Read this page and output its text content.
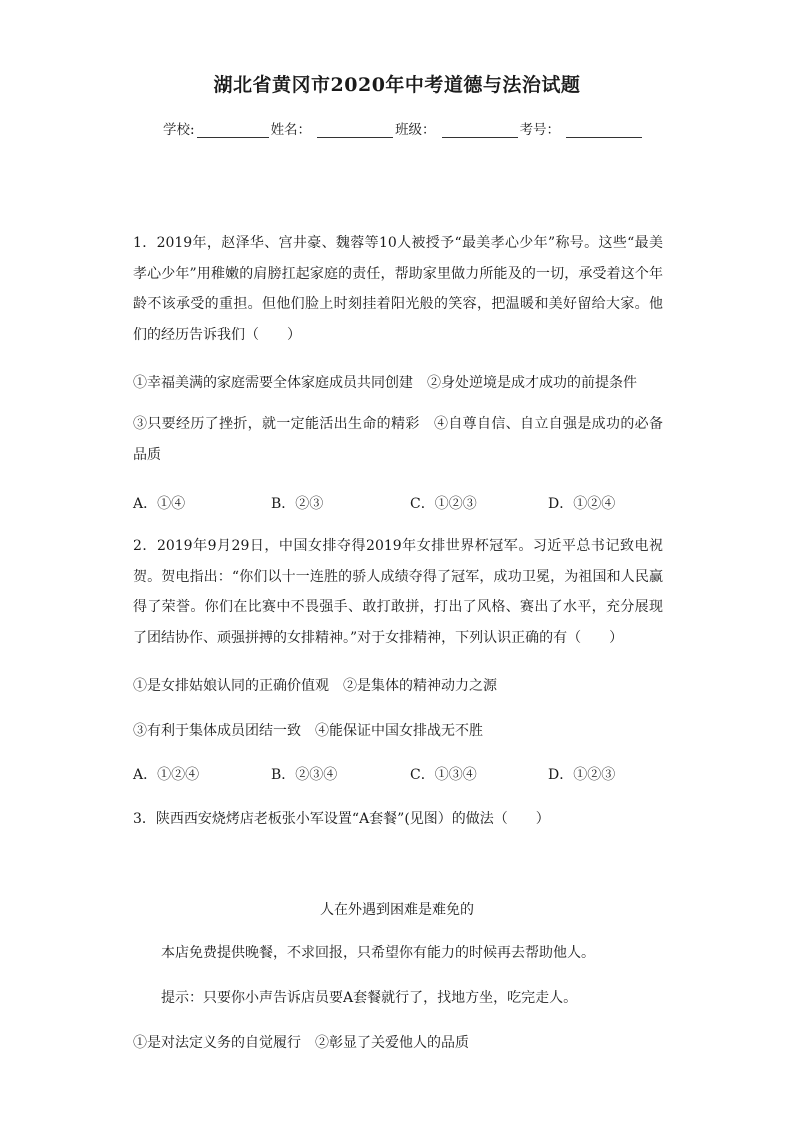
湖北省黄冈市2020年中考道德与法治试题
学校:	姓名：	班级：	考号：
1．2019年，赵泽华、宫井豪、魏蓉等10人被授予“最美孝心少年”称号。这些“最美孝心少年”用稚嫩的肩膀扛起家庭的责任，帮助家里做力所能及的一切，承受着这个年龄不该承受的重担。但他们脸上时刻挂着阳光般的笑容，把温暖和美好留给大家。他们的经历告诉我们（　　）
①幸福美满的家庭需要全体家庭成员共同创建　②身处逆境是成才成功的前提条件
③只要经历了挫折，就一定能活出生命的精彩　④自尊自信、自立自强是成功的必备品质
A．①④	B．②③	C．①②③	D．①②④
2．2019年9月29日，中国女排夺得2019年女排世界杯冠军。习近平总书记致电祝贺。贺电指出：“你们以十一连胜的骄人成绩夺得了冠军，成功卫冕，为祖国和人民赢得了荣誉。你们在比赛中不畏强手、敢打敢拼，打出了风格、赛出了水平，充分展现了团结协作、顽强拼搏的女排精神。”对于女排精神，下列认识正确的有（　　）
①是女排姑娘认同的正确价值观　②是集体的精神动力之源
③有利于集体成员团结一致　④能保证中国女排战无不胜
A．①②④	B．②③④	C．①③④	D．①②③
3．陕西西安烧烤店老板张小军设置“A套餐”(见图）的做法（　　）
人在外遇到困难是难免的
本店免费提供晚餐，不求回报，只希望你有能力的时候再去帮助他人。
提示：只要你小声告诉店员要A套餐就行了，找地方坐，吃完走人。
①是对法定义务的自觉履行　②彰显了关爱他人的品质
